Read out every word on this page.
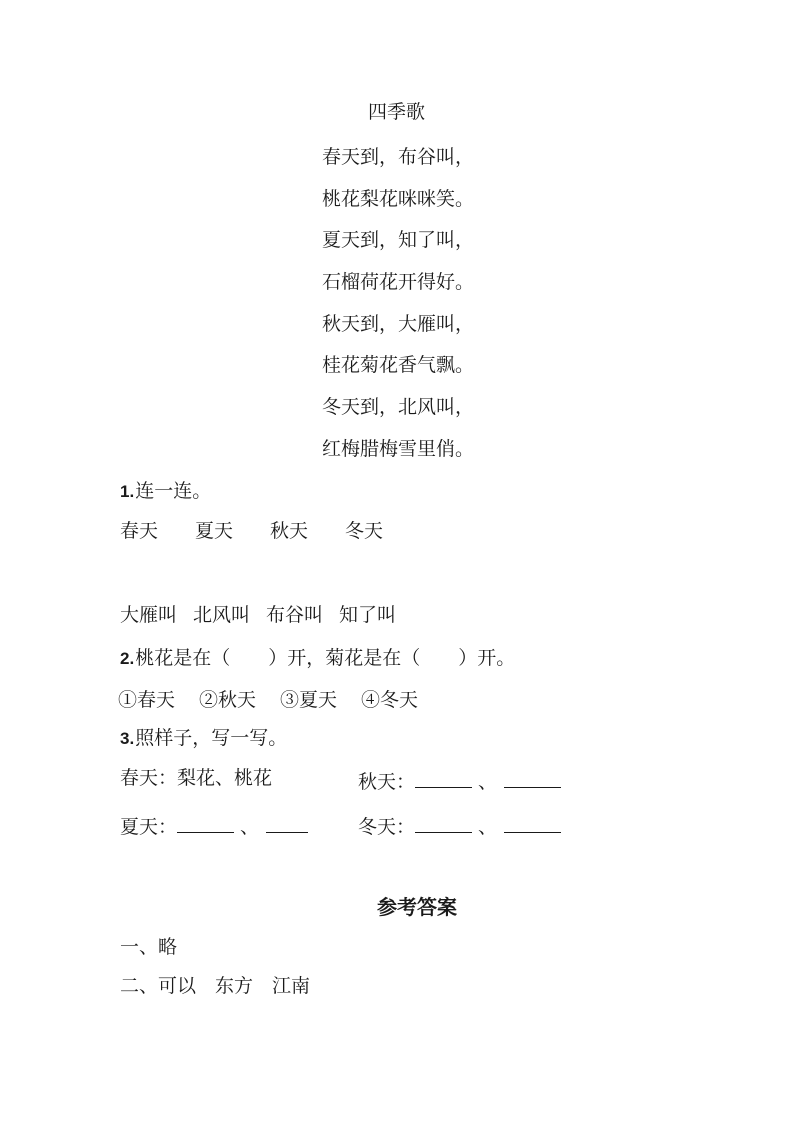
四季歌
春天到，布谷叫，
桃花梨花咪咪笑。
夏天到，知了叫，
石榴荷花开得好。
秋天到，大雁叫，
桂花菊花香气飘。
冬天到，北风叫，
红梅腊梅雪里俏。
1.连一连。
春天 夏天 秋天 冬天
大雁叫 北风叫 布谷叫 知了叫
2.桃花是在（　　）开，菊花是在（　　）开。
①春天 ②秋天 ③夏天 ④冬天
3.照样子，写一写。
春天：梨花、桃花	秋天：	、
夏天：	、	冬天：	、
参考答案
一、略
二、可以　东方　江南
